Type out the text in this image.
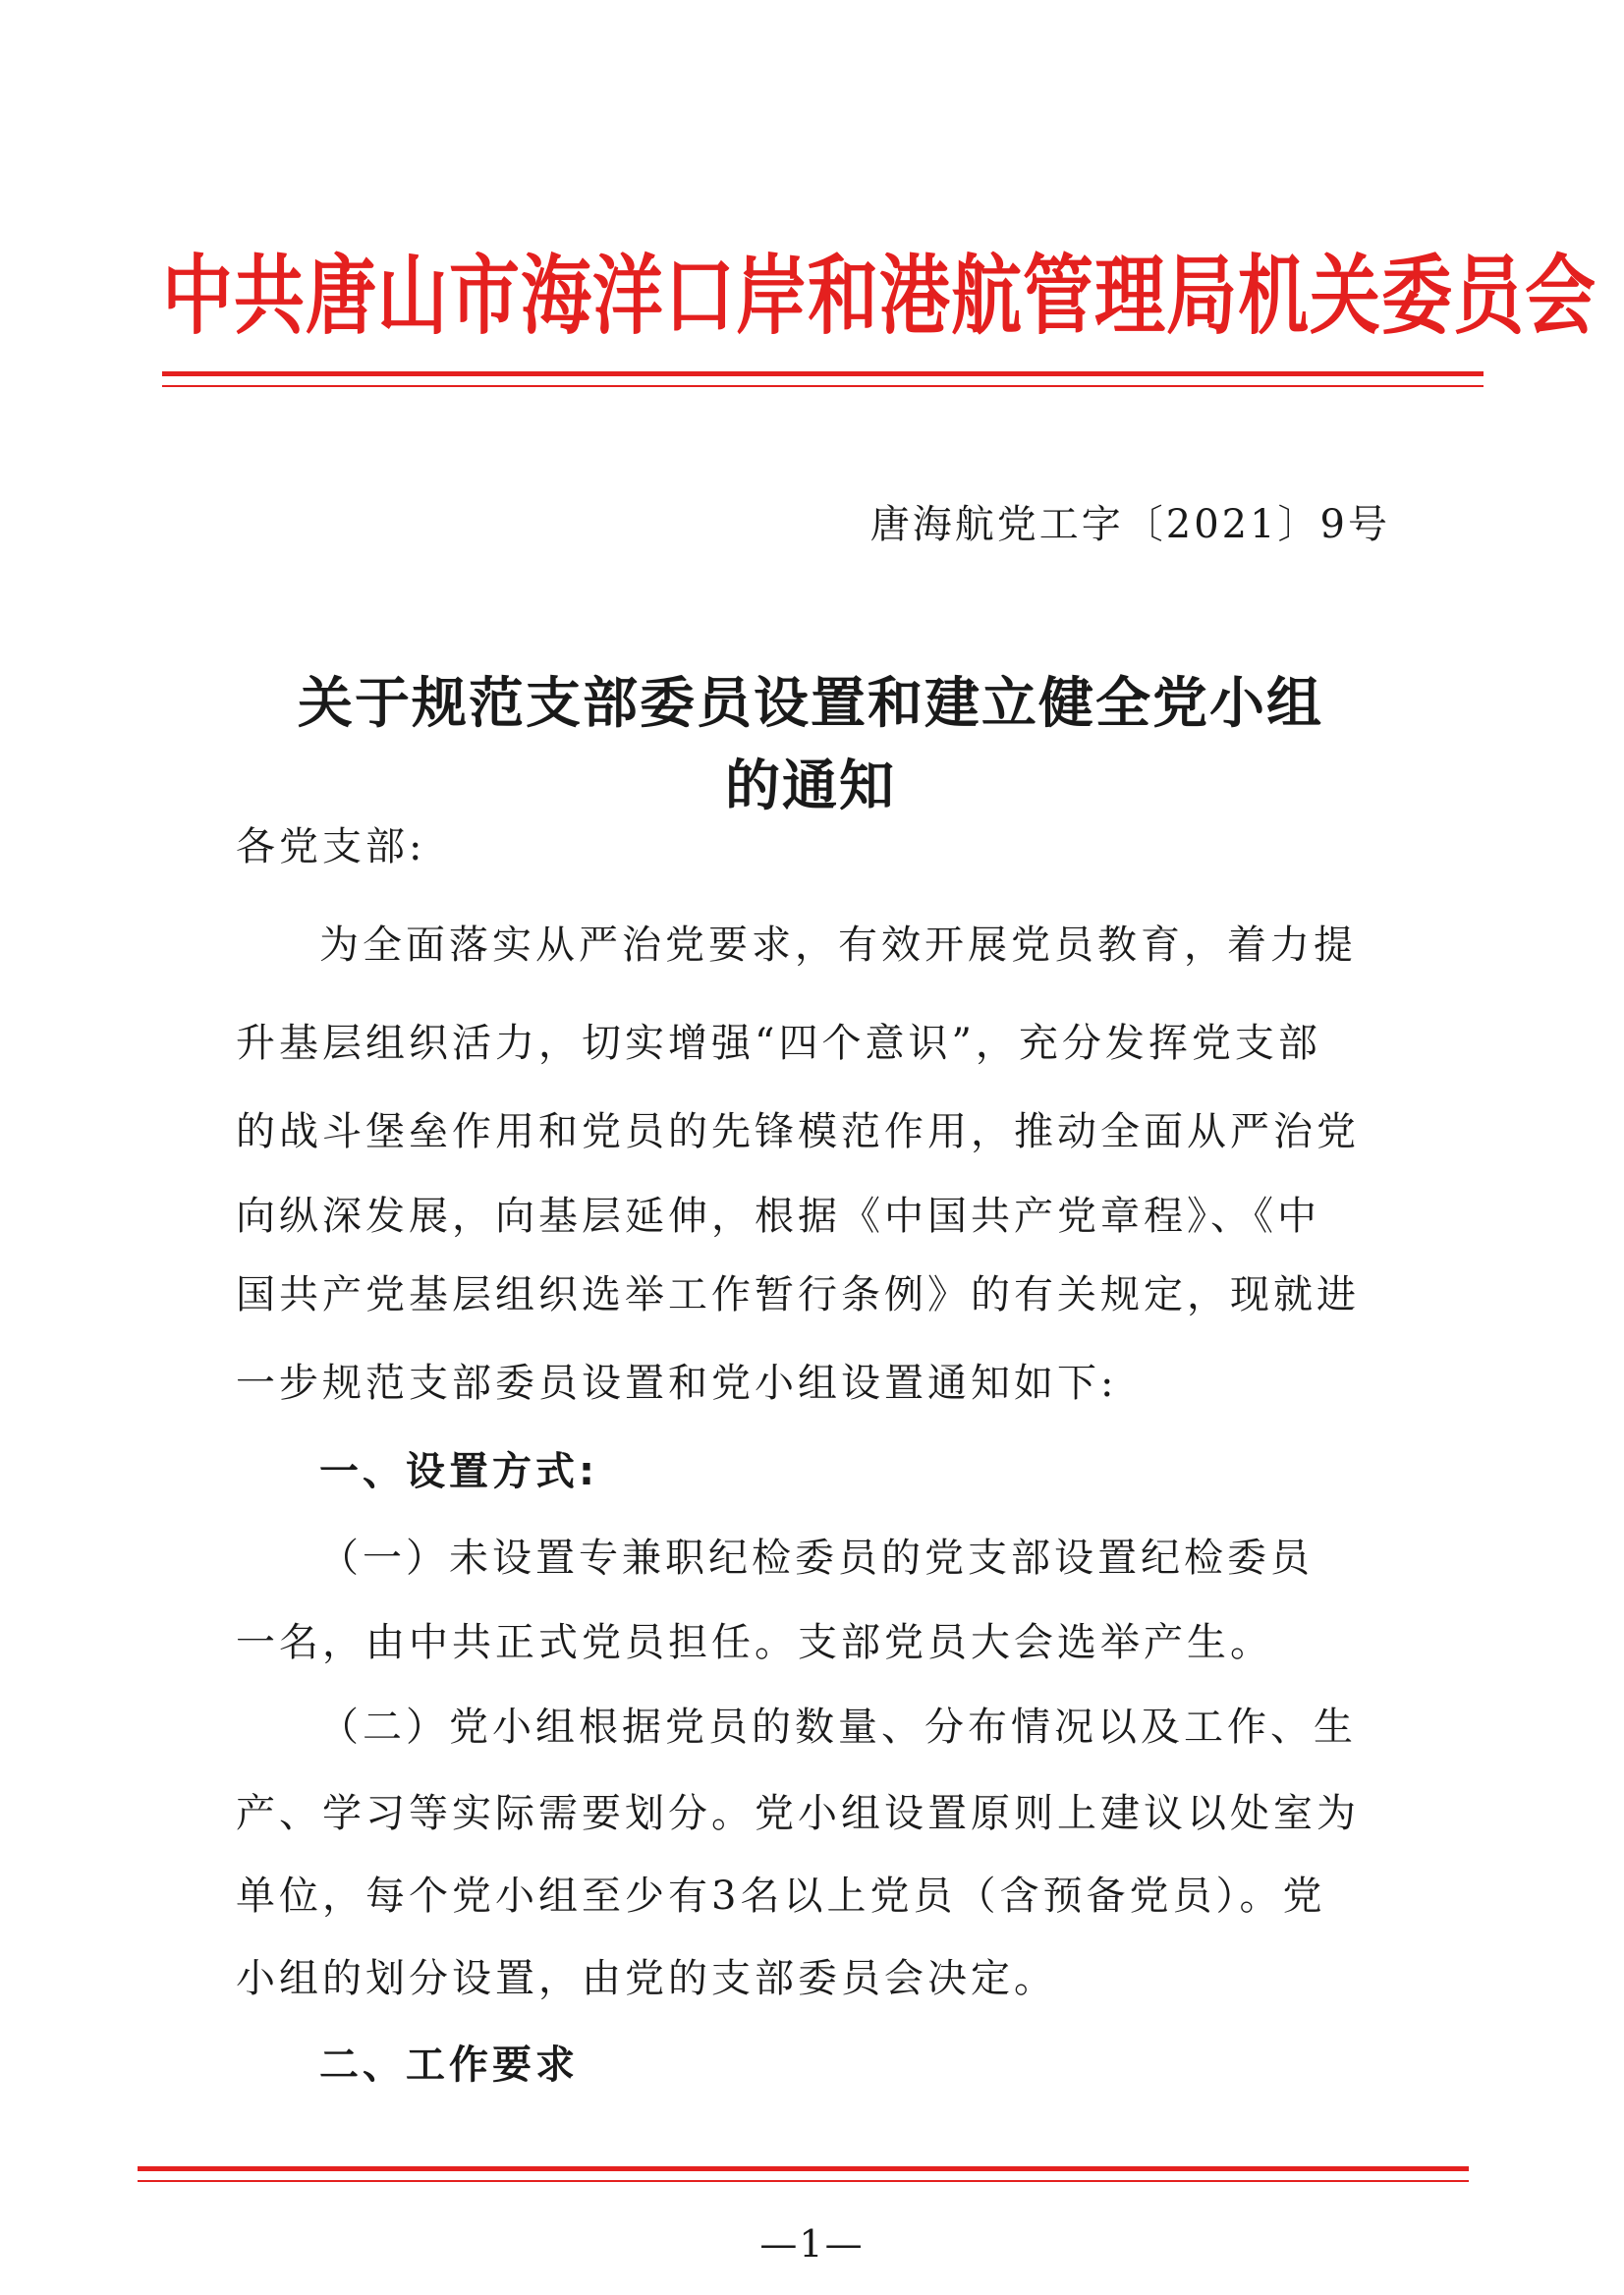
中共唐山市海洋口岸和港航管理局机关委员会
唐海航党工字〔2021〕9号
关于规范支部委员设置和建立健全党小组
的通知
各党支部:
为全面落实从严治党要求，有效开展党员教育，着力提
升基层组织活力，切实增强“四个意识”，充分发挥党支部
的战斗堡垒作用和党员的先锋模范作用，推动全面从严治党
向纵深发展，向基层延伸，根据《中国共产党章程》、《中
国共产党基层组织选举工作暂行条例》的有关规定，现就进
一步规范支部委员设置和党小组设置通知如下:
一、设置方式:
（一）未设置专兼职纪检委员的党支部设置纪检委员
一名，由中共正式党员担任。支部党员大会选举产生。
（二）党小组根据党员的数量、分布情况以及工作、生
产、学习等实际需要划分。党小组设置原则上建议以处室为
单位，每个党小组至少有3名以上党员（含预备党员）。党
小组的划分设置，由党的支部委员会决定。
二、工作要求
—1—
